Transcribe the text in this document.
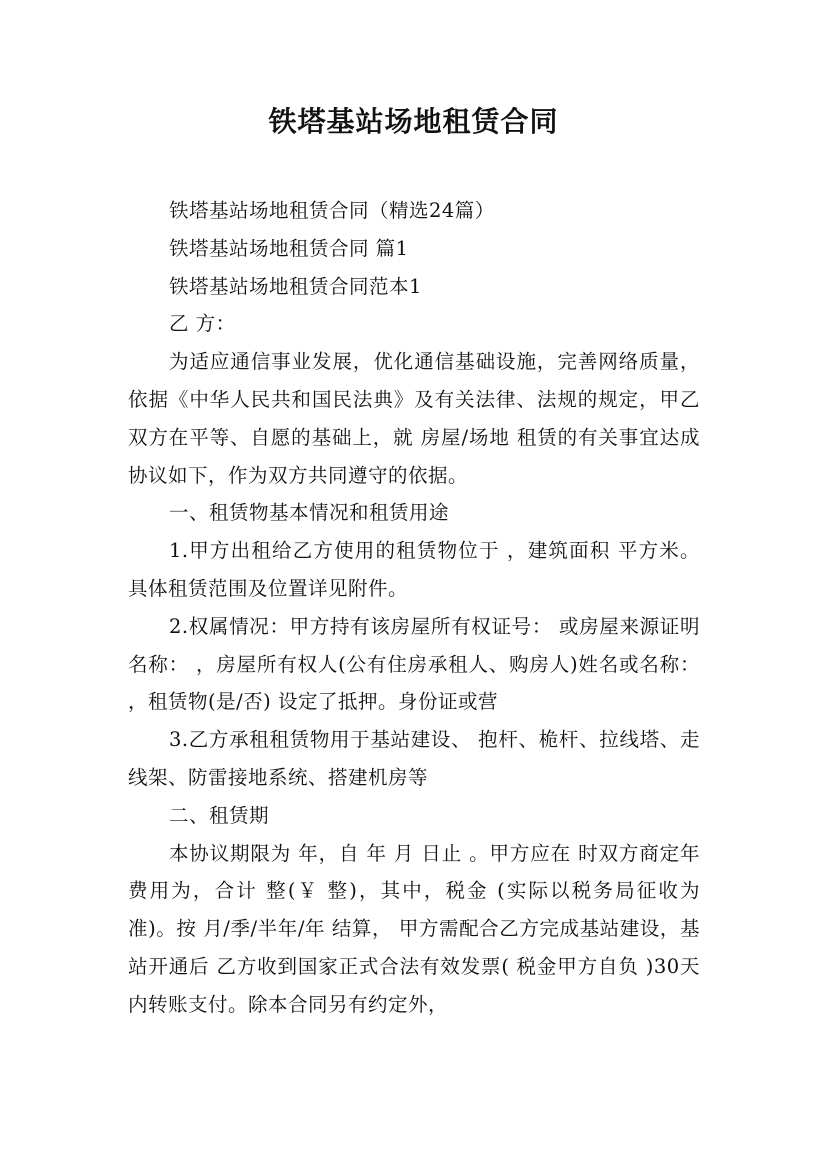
铁塔基站场地租赁合同

铁塔基站场地租赁合同（精选24篇）

铁塔基站场地租赁合同 篇1

铁塔基站场地租赁合同范本1

乙 方：

为适应通信事业发展，优化通信基础设施，完善网络质量，依据《中华人民共和国民法典》及有关法律、法规的规定，甲乙双方在平等、自愿的基础上，就 房屋/场地 租赁的有关事宜达成协议如下，作为双方共同遵守的依据。

一、租赁物基本情况和租赁用途

1.甲方出租给乙方使用的租赁物位于 ，建筑面积 平方米。 具体租赁范围及位置详见附件。

2.权属情况：甲方持有该房屋所有权证号： 或房屋来源证明名称： ，房屋所有权人(公有住房承租人、购房人)姓名或名称： ，租赁物(是/否) 设定了抵押。身份证或营

3.乙方承租租赁物用于基站建设、 抱杆、桅杆、拉线塔、走线架、防雷接地系统、搭建机房等

二、租赁期

本协议期限为 年，自 年 月 日止 。甲方应在 时双方商定年费用为，合计 整(￥ 整)，其中，税金 (实际以税务局征收为准)。按 月/季/半年/年 结算， 甲方需配合乙方完成基站建设，基站开通后 乙方收到国家正式合法有效发票( 税金甲方自负 )30天内转账支付。除本合同另有约定外，
